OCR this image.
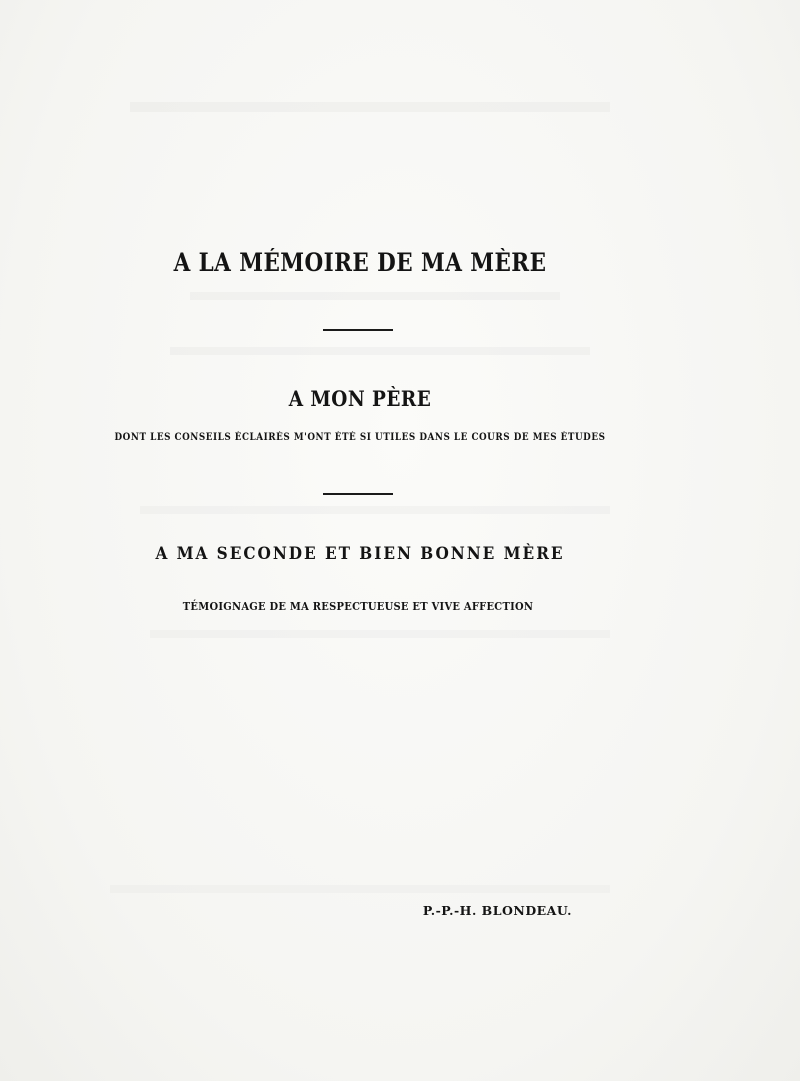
A LA MÉMOIRE DE MA MÈRE
A MON PÈRE
DONT LES CONSEILS ÉCLAIRÉS M'ONT ÉTÉ SI UTILES DANS LE COURS DE MES ÉTUDES
A MA SECONDE ET BIEN BONNE MÈRE
TÉMOIGNAGE DE MA RESPECTUEUSE ET VIVE AFFECTION
P.-P.-H. BLONDEAU.
